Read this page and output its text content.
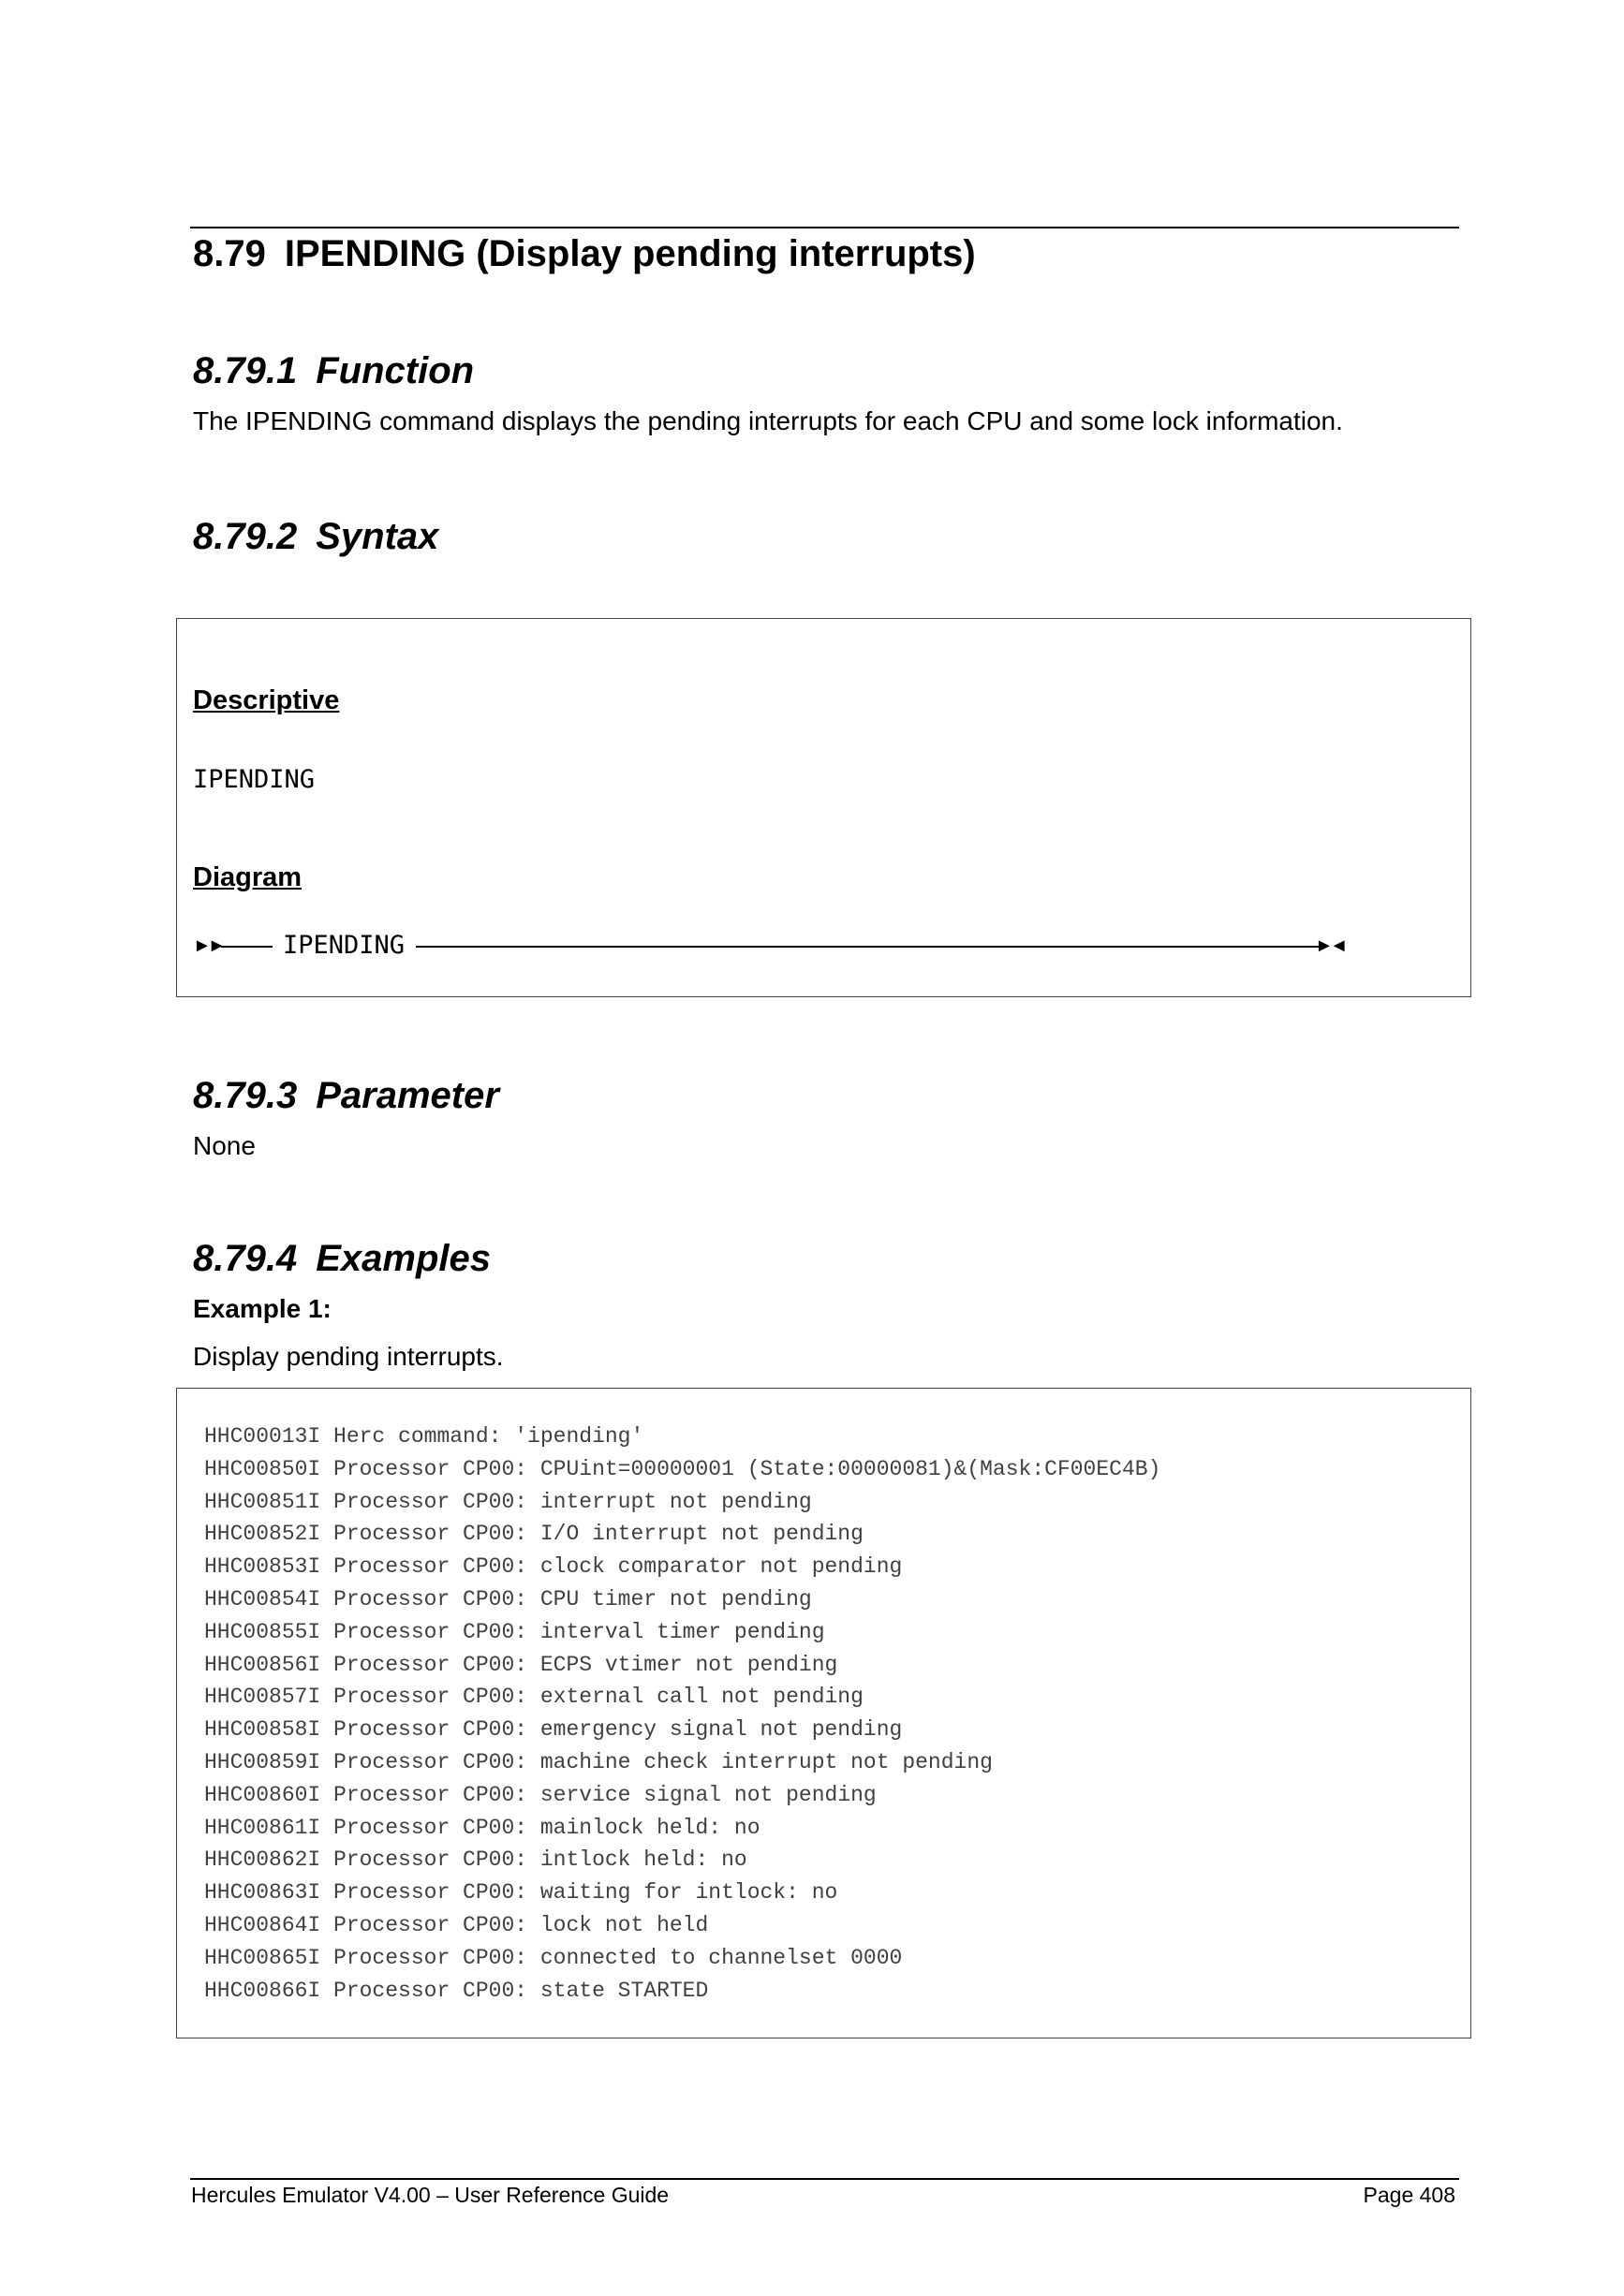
8.79 IPENDING (Display pending interrupts)
8.79.1 Function
The IPENDING command displays the pending interrupts for each CPU and some lock information.
8.79.2 Syntax
Descriptive
IPENDING
Diagram
►► IPENDING	►◄
8.79.3 Parameter
None
8.79.4 Examples
Example 1:
Display pending interrupts.
HHC00013I Herc command: 'ipending'
HHC00850I Processor CP00: CPUint=00000001 (State:00000081)&(Mask:CF00EC4B)
HHC00851I Processor CP00: interrupt not pending
HHC00852I Processor CP00: I/O interrupt not pending
HHC00853I Processor CP00: clock comparator not pending
HHC00854I Processor CP00: CPU timer not pending
HHC00855I Processor CP00: interval timer pending
HHC00856I Processor CP00: ECPS vtimer not pending
HHC00857I Processor CP00: external call not pending
HHC00858I Processor CP00: emergency signal not pending
HHC00859I Processor CP00: machine check interrupt not pending
HHC00860I Processor CP00: service signal not pending
HHC00861I Processor CP00: mainlock held: no
HHC00862I Processor CP00: intlock held: no
HHC00863I Processor CP00: waiting for intlock: no
HHC00864I Processor CP00: lock not held
HHC00865I Processor CP00: connected to channelset 0000
HHC00866I Processor CP00: state STARTED
Hercules Emulator V4.00 – User Reference Guide	Page 408
